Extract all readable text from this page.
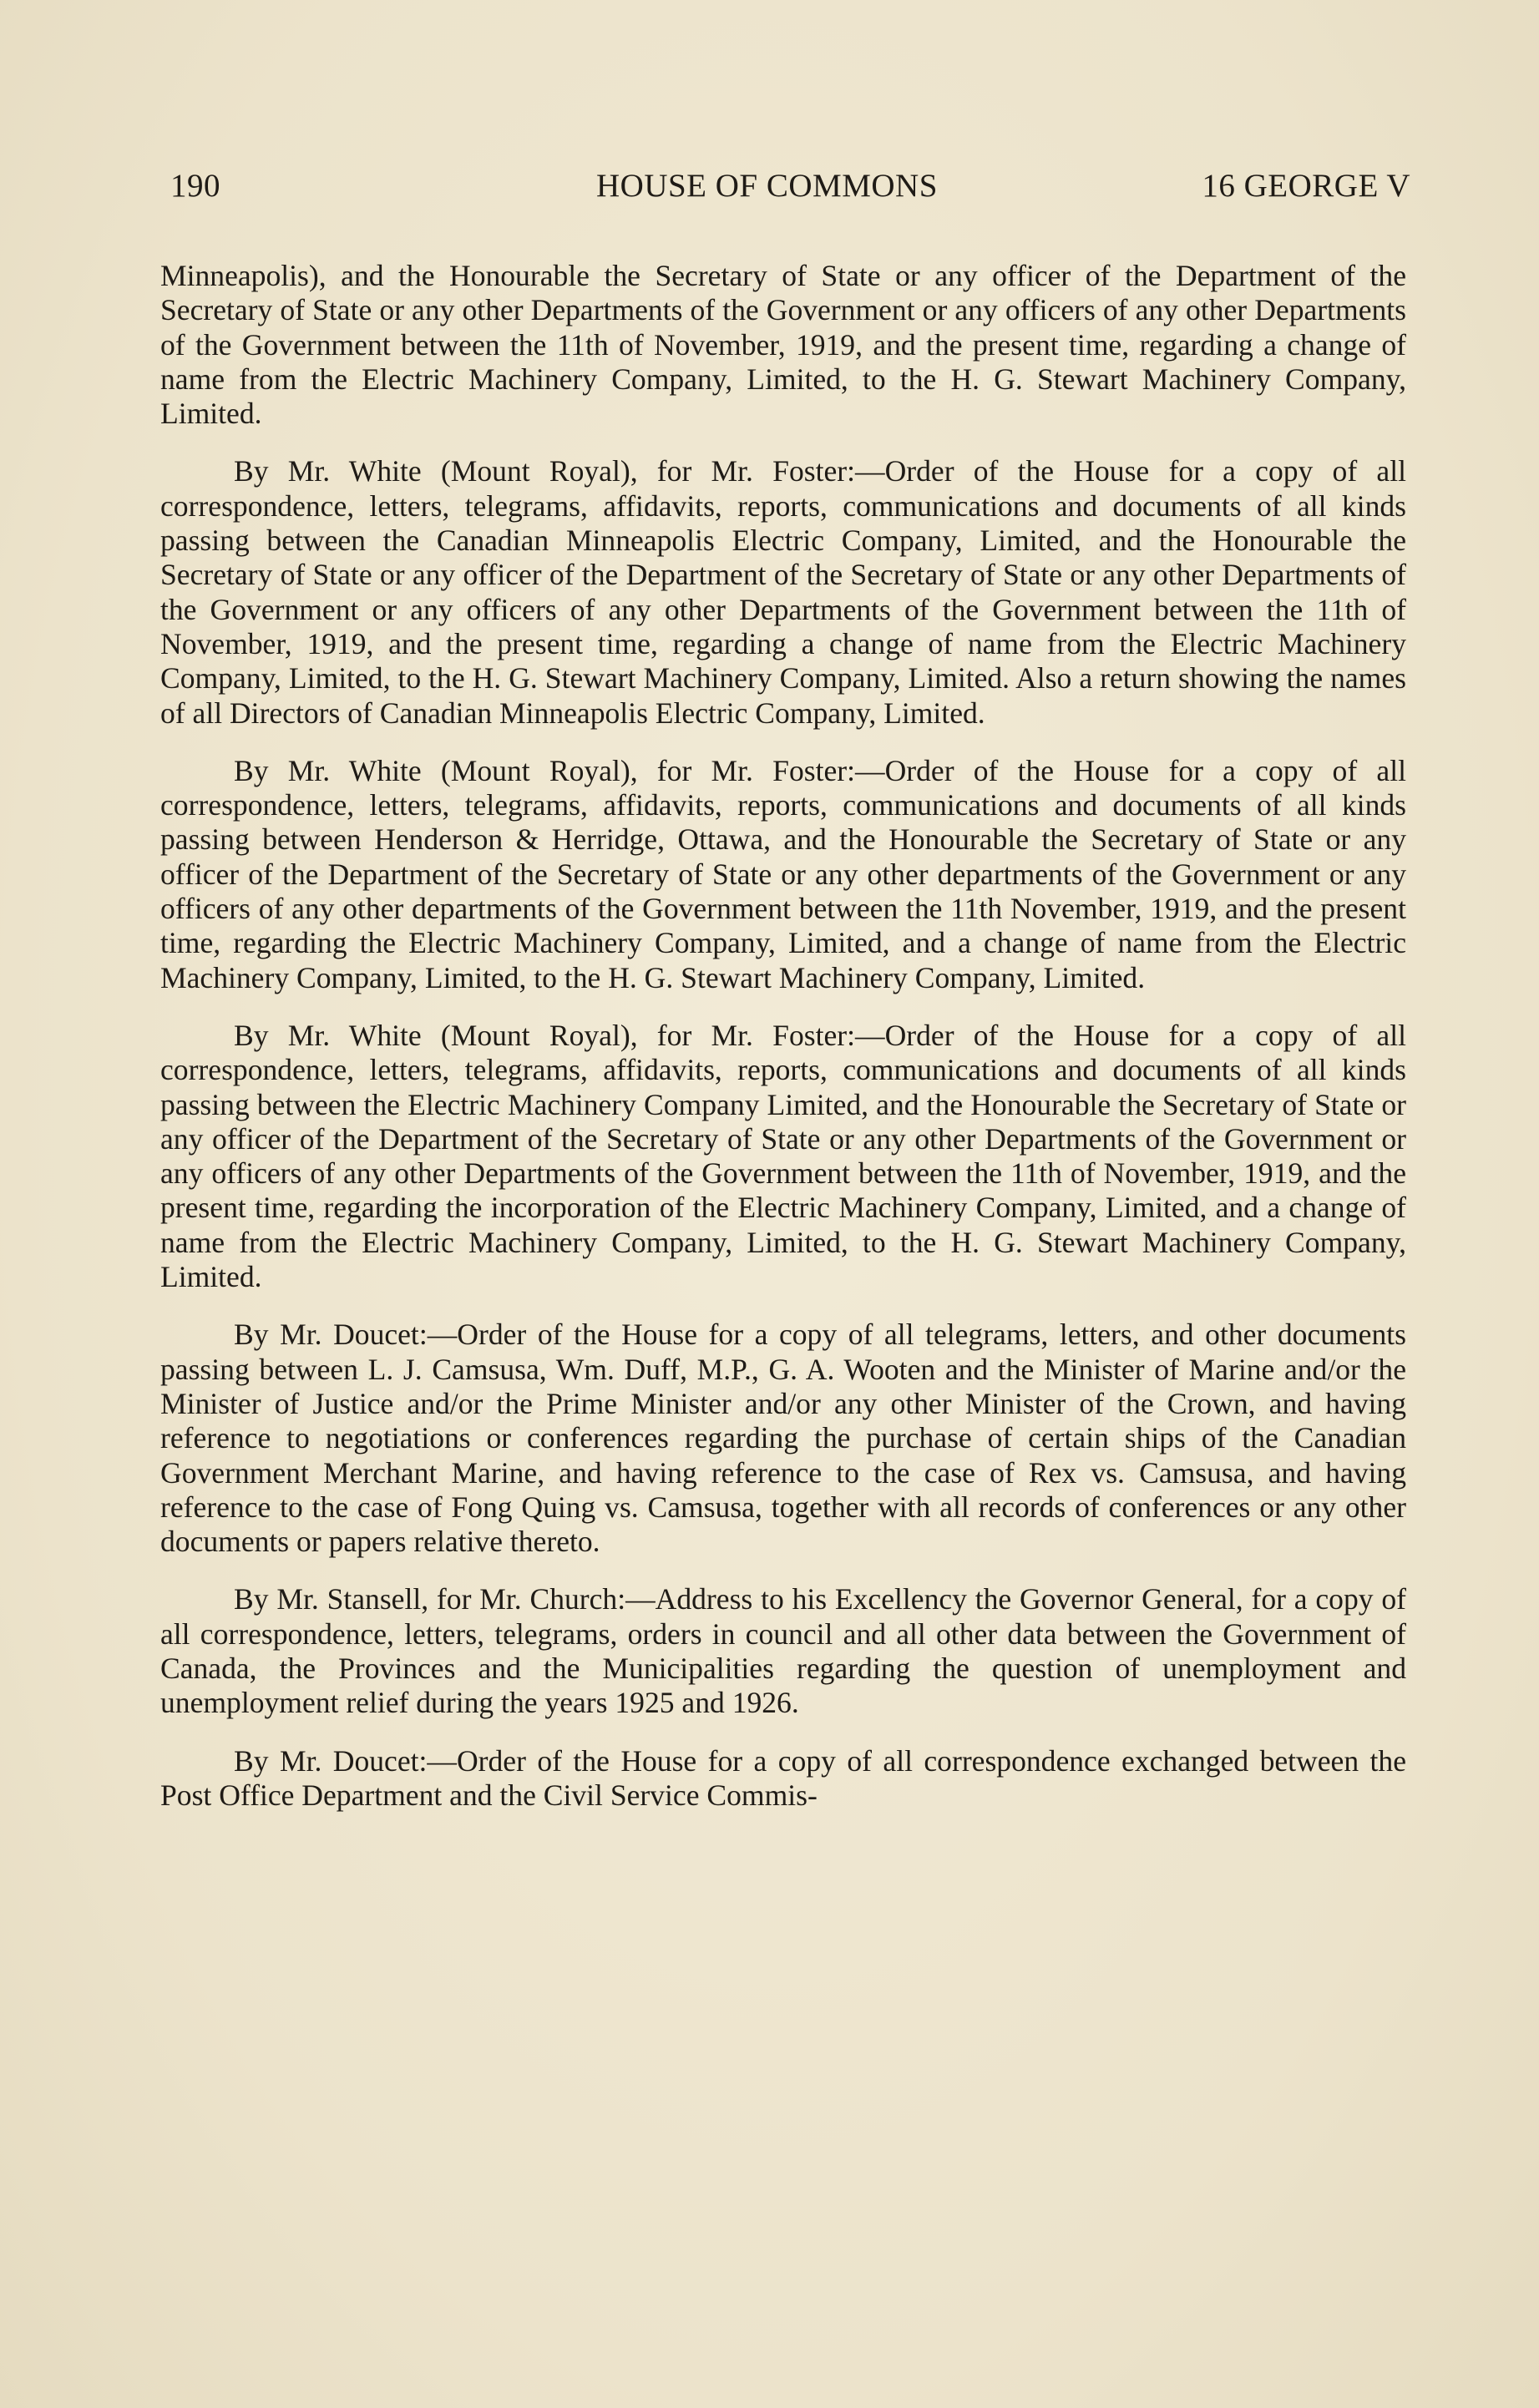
190	HOUSE OF COMMONS	16 GEORGE V

Minneapolis), and the Honourable the Secretary of State or any officer of the Department of the Secretary of State or any other Departments of the Government or any officers of any other Departments of the Government between the 11th of November, 1919, and the present time, regarding a change of name from the Electric Machinery Company, Limited, to the H. G. Stewart Machinery Company, Limited.

By Mr. White (Mount Royal), for Mr. Foster:—Order of the House for a copy of all correspondence, letters, telegrams, affidavits, reports, communications and documents of all kinds passing between the Canadian Minneapolis Electric Company, Limited, and the Honourable the Secretary of State or any officer of the Department of the Secretary of State or any other Departments of the Government or any officers of any other Departments of the Government between the 11th of November, 1919, and the present time, regarding a change of name from the Electric Machinery Company, Limited, to the H. G. Stewart Machinery Company, Limited. Also a return showing the names of all Directors of Canadian Minneapolis Electric Company, Limited.

By Mr. White (Mount Royal), for Mr. Foster:—Order of the House for a copy of all correspondence, letters, telegrams, affidavits, reports, communications and documents of all kinds passing between Henderson & Herridge, Ottawa, and the Honourable the Secretary of State or any officer of the Department of the Secretary of State or any other departments of the Government or any officers of any other departments of the Government between the 11th November, 1919, and the present time, regarding the Electric Machinery Company, Limited, and a change of name from the Electric Machinery Company, Limited, to the H. G. Stewart Machinery Company, Limited.

By Mr. White (Mount Royal), for Mr. Foster:—Order of the House for a copy of all correspondence, letters, telegrams, affidavits, reports, communications and documents of all kinds passing between the Electric Machinery Company Limited, and the Honourable the Secretary of State or any officer of the Department of the Secretary of State or any other Departments of the Government or any officers of any other Departments of the Government between the 11th of November, 1919, and the present time, regarding the incorporation of the Electric Machinery Company, Limited, and a change of name from the Electric Machinery Company, Limited, to the H. G. Stewart Machinery Company, Limited.

By Mr. Doucet:—Order of the House for a copy of all telegrams, letters, and other documents passing between L. J. Camsusa, Wm. Duff, M.P., G. A. Wooten and the Minister of Marine and/or the Minister of Justice and/or the Prime Minister and/or any other Minister of the Crown, and having reference to negotiations or conferences regarding the purchase of certain ships of the Canadian Government Merchant Marine, and having reference to the case of Rex vs. Camsusa, and having reference to the case of Fong Quing vs. Camsusa, together with all records of conferences or any other documents or papers relative thereto.

By Mr. Stansell, for Mr. Church:—Address to his Excellency the Governor General, for a copy of all correspondence, letters, telegrams, orders in council and all other data between the Government of Canada, the Provinces and the Municipalities regarding the question of unemployment and unemployment relief during the years 1925 and 1926.

By Mr. Doucet:—Order of the House for a copy of all correspondence exchanged between the Post Office Department and the Civil Service Commis-
